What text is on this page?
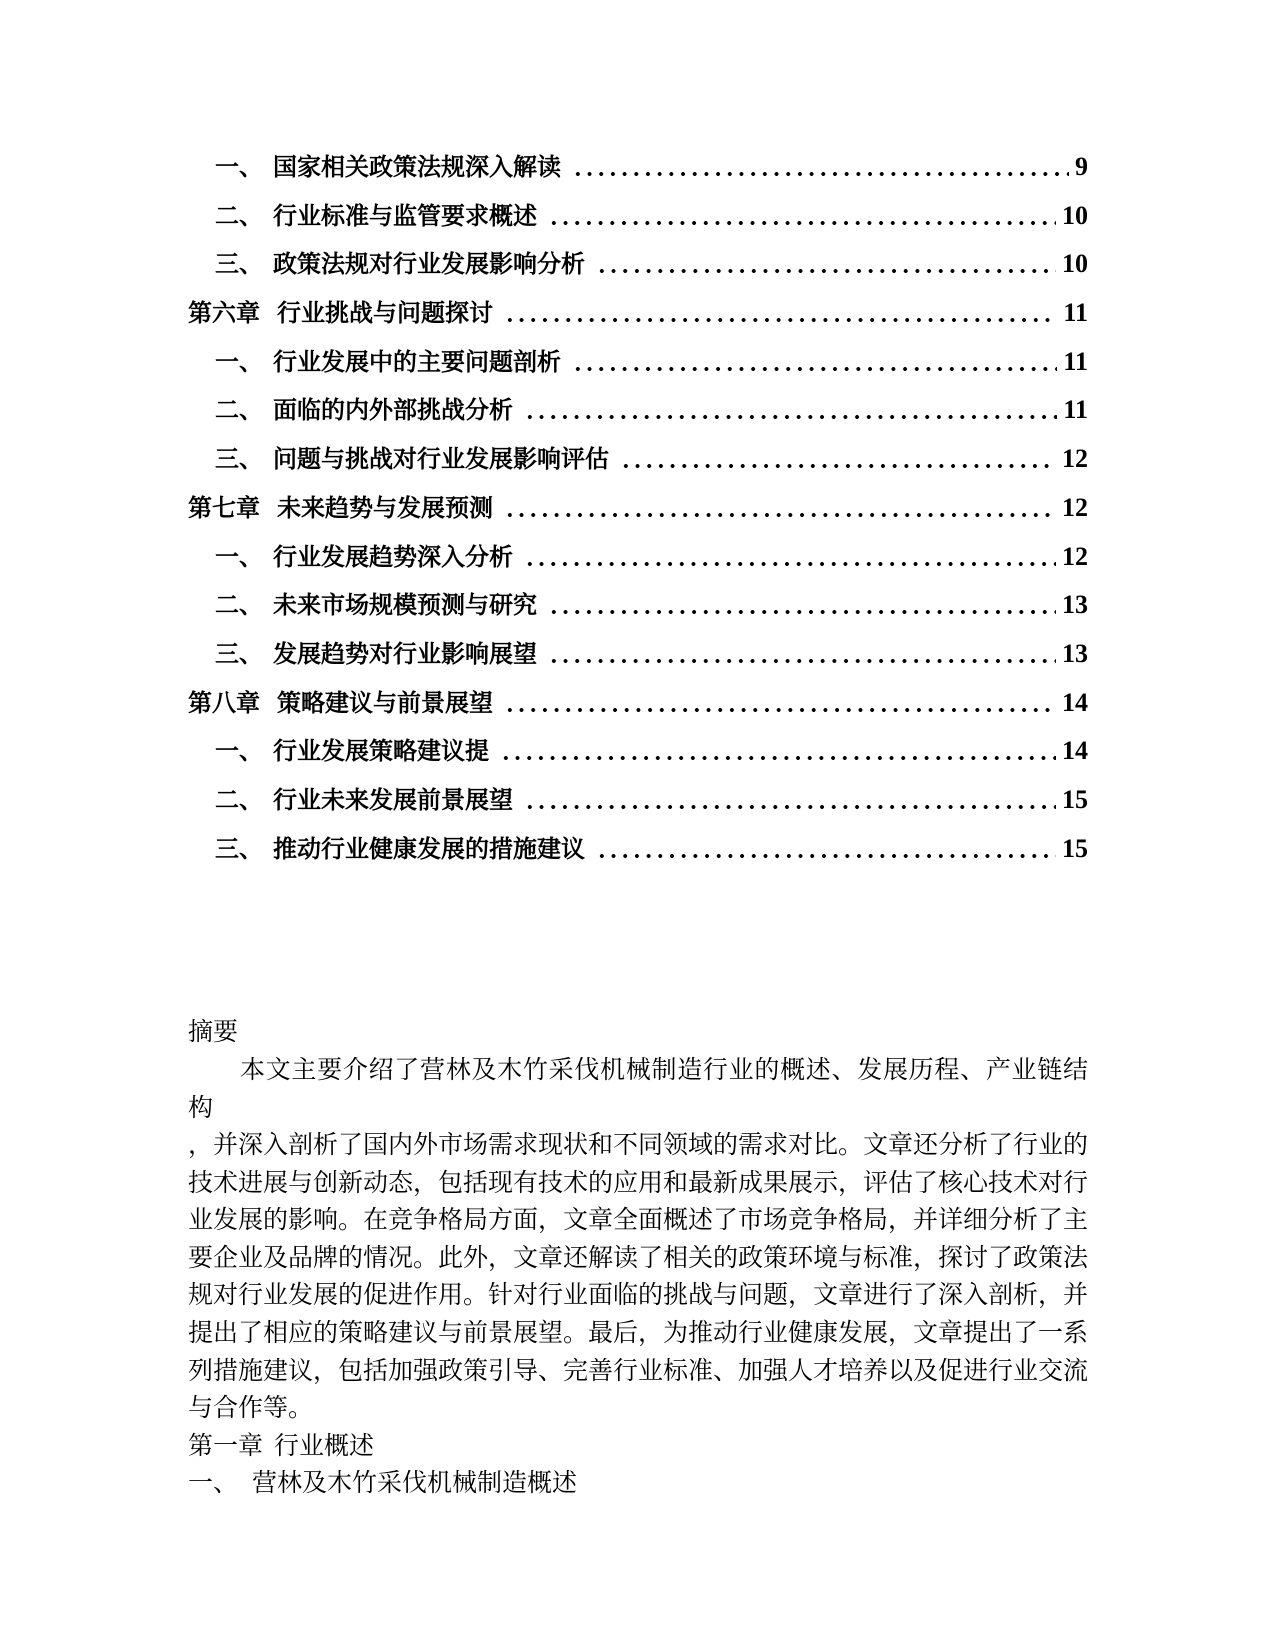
一、 国家相关政策法规深入解读	9
二、 行业标准与监管要求概述	10
三、 政策法规对行业发展影响分析	10
第六章 行业挑战与问题探讨	11
一、 行业发展中的主要问题剖析	11
二、 面临的内外部挑战分析	11
三、 问题与挑战对行业发展影响评估	12
第七章 未来趋势与发展预测	12
一、 行业发展趋势深入分析	12
二、 未来市场规模预测与研究	13
三、 发展趋势对行业影响展望	13
第八章 策略建议与前景展望	14
一、 行业发展策略建议提	14
二、 行业未来发展前景展望	15
三、 推动行业健康发展的措施建议	15
摘要
本文主要介绍了营林及木竹采伐机械制造行业的概述、发展历程、产业链结构
，并深入剖析了国内外市场需求现状和不同领域的需求对比。文章还分析了行业的
技术进展与创新动态，包括现有技术的应用和最新成果展示，评估了核心技术对行
业发展的影响。在竞争格局方面，文章全面概述了市场竞争格局，并详细分析了主
要企业及品牌的情况。此外，文章还解读了相关的政策环境与标准，探讨了政策法
规对行业发展的促进作用。针对行业面临的挑战与问题，文章进行了深入剖析，并
提出了相应的策略建议与前景展望。最后，为推动行业健康发展，文章提出了一系
列措施建议，包括加强政策引导、完善行业标准、加强人才培养以及促进行业交流
与合作等。
第一章 行业概述
一、 营林及木竹采伐机械制造概述
